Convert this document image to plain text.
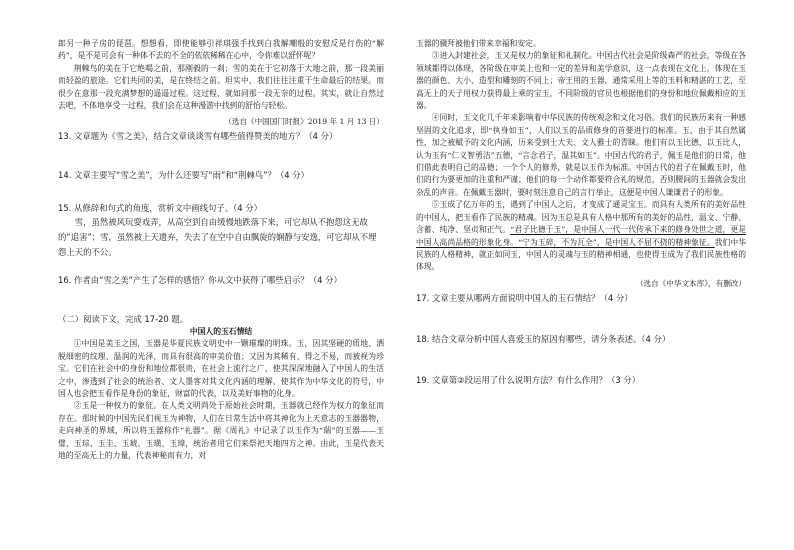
郎另一种子房的琵琶。想想看，即使能够引祥琪强手找到白我解嘲般的安慰反是行伤的“解药”，是不是可会有一种体不去的不全的依依稀稀在心中，令你难以舒怀呢？

荆棘鸟的美在于它绝喝之前，那刚毅的一刹；雪的美在于它初落于大地之前，那一段美丽而轻盈的旅途。它们共同的美，是在终结之前。坦实中，我们往往注重于生命最后的结果。而很少在意那一段充满梦想的遥遥过程。这过程，就如同那一段无奈的过程。其实，就让自然过去吧，不体地享受一过程，我们会在这种漫游中找到的舒怡与轻松。

（选自《中国国门时报》2019 年 1 月 13 日）

13. 文章题为《雪之美》，结合文章谈谈雪有哪些值得赞美的地方？（4 分）

14. 文章主要写“雪之美”，为什么还要写“雨”和“荆棘鸟”？（4 分）

15. 从修辞和句式的角度，赏析文中画线句子。（4 分）

雪，虽然被风玩耍戏弄，从高空到自由缓慢地跌落下来，可它却从不抱怨这无故的“追害”；雪，虽然被上天遗弃，失去了在空中自由飘旋的娴静与安逸，可它却从不埋怨上天的不公。

16. 作者由“雪之美”产生了怎样的感悟？你从文中获得了哪些启示？（4 分）

（二）阅读下文，完成 17-20 题。

中国人的玉石情结

①中国是美玉之国，玉器是华夏民族文明史中一颗璀璨的明珠。玉，因其坚硬的质地、洒脱细密的纹理、温润的光泽，而具有很高的审美价值；又因为其稀有、得之不易，而被视为珍宝。它们在社会中的身份和地位都很贵，在社会上流行之广，使其深深地融入了中国人的生活之中，渗透到了社会的统治者、文人墨客对其文化内涵的理解，使其作为中华文化的符号，中国人也会把玉看作是身份的象征，财富的代表，以及美好事物的化身。

②玉是一种权力的象征。在人类文明尚处于原始社会时期，玉器就已经作为权力的象征而存在。那时候的中国先民们视玉为神物，人们在日常生活中将其神化为上天意志的玉器器物，走向神圣的界域，所以将玉器称作“礼器”。据《周礼》中记录了以玉作为“瑞”的玉器——玉璧、玉琮、玉圭、玉琥、玉璜、玉璋，统治者用它们来祭祀天地四方之神。由此，玉是代表天地的至高无上的力量，代表神秘而有力，对

玉器的骥拜被他们带来幸福和安定。

③进入封建社会，玉又是权力的象征和礼制化。中国古代社会是阶级森严的社会，等级在各领域都得以体现，各阶级在审美上也和一定的差异和美学意识，这一点表现在文化上，体现在玉器的颜色、大小、造型和雕刻的不同上；帝王用的玉器，通常采用上等的玉料和精湛的工艺，至高无上的天子用权力获得最上乘的宝玉，不同阶级的官员也根据他们的身份和地位佩戴相应的玉器。

④同时，玉文化几千年来影响着中华民族的传统观念和文化习俗。我们的民族历来有一种感坚固的文化追求，即“执身如玉”，人们以玉的品质修身的首要进行的标准。玉，由于其自然属性，加之被赋予的文化内涵，历来受到士大夫、文人雅士的青睐。他们有以玉比德，以玉比人，认为玉有“仁义智勇洁”五德，“言念君子，温其如玉”。中国古代的君子，佩玉是他们的日常，他们借此表明自己的品德；一个个人的修养，就是以玉作为标准。中国古代的君子在佩戴玉时，他们的行为要更加的注重和严谨；他们的每一个动作都要符合礼的规范，否则腰间的玉器就会发出杂乱的声音。在佩戴玉器时，要时刻注意自己的言行举止，这便是中国人谦谦君子的形象。

⑤玉成了亿万年的玉，遇到了中国人之后，才变成了通灵宝玉。而具有人类所有的美好品性的中国人，把玉看作了民族的精魂。因为玉总是具有人格中那所有的美好的品性，温文、宁静、含蓄、纯净、坚贞和正气。“君子比德于玉”，是中国人一代一代传承下来的修身处世之道，更是中国人高尚品格的形象化身。“宁为玉碎，不为瓦全”，是中国人不屈不挠的精神象征。我们中华民族的人格精神，就正如同玉，中国人的灵魂与玉的精神相通，也使得玉成为了我们民族性格的体现。

（选自《中华文本库》，有删改）

17. 文章主要从哪两方面说明中国人的玉石情结？（4 分）

18. 结合文章分析中国人喜爱玉的原因有哪些，请分条表述。（4 分）

19. 文章第②段运用了什么说明方法？有什么作用？（3 分）
